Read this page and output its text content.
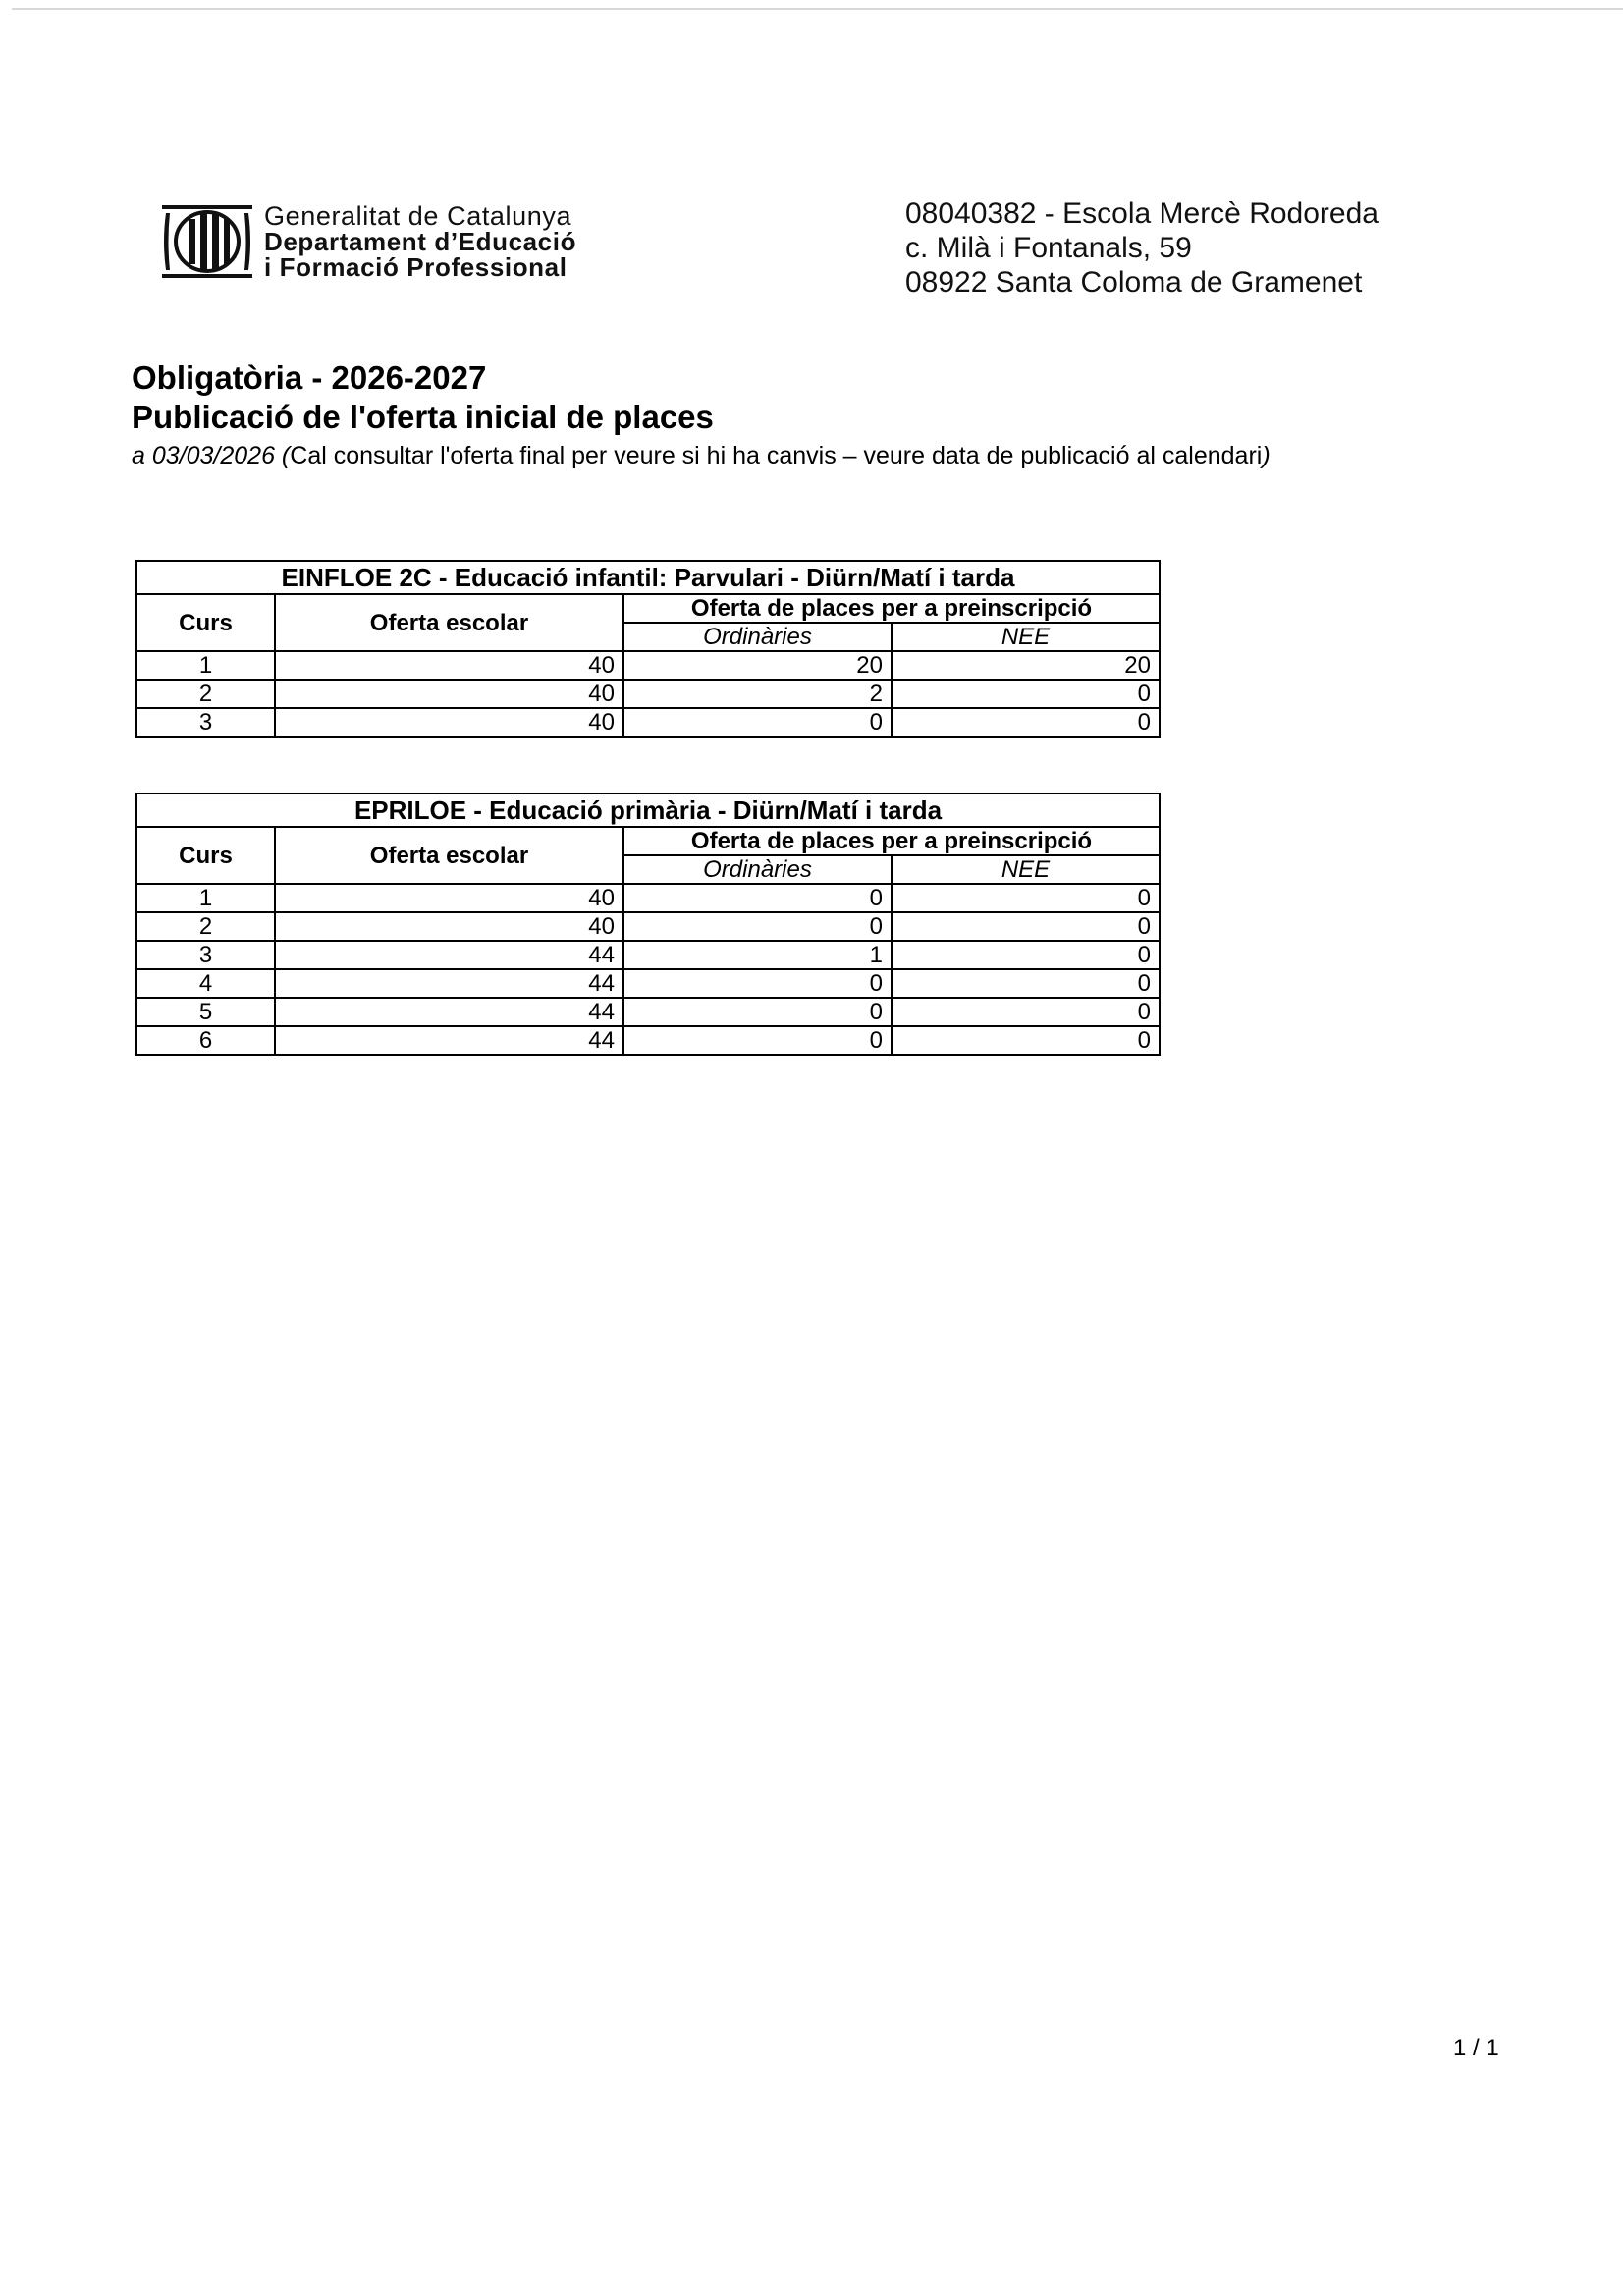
Generalitat de Catalunya
Departament d’Educació
i Formació Professional
08040382 - Escola Mercè Rodoreda
c. Milà i Fontanals, 59
08922 Santa Coloma de Gramenet
Obligatòria - 2026-2027
Publicació de l'oferta inicial de places
a 03/03/2026 (Cal consultar l'oferta final per veure si hi ha canvis – veure data de publicació al calendari)
EINFLOE 2C - Educació infantil: Parvulari - Diürn/Matí i tarda			
Curs	Oferta escolar	Oferta de places per a preinscripció	
		Ordinàries	NEE
1	40	20	20
2	40	2	0
3	40	0	0
EPRILOE - Educació primària - Diürn/Matí i tarda			
Curs	Oferta escolar	Oferta de places per a preinscripció	
		Ordinàries	NEE
1	40	0	0
2	40	0	0
3	44	1	0
4	44	0	0
5	44	0	0
6	44	0	0
1 / 1
